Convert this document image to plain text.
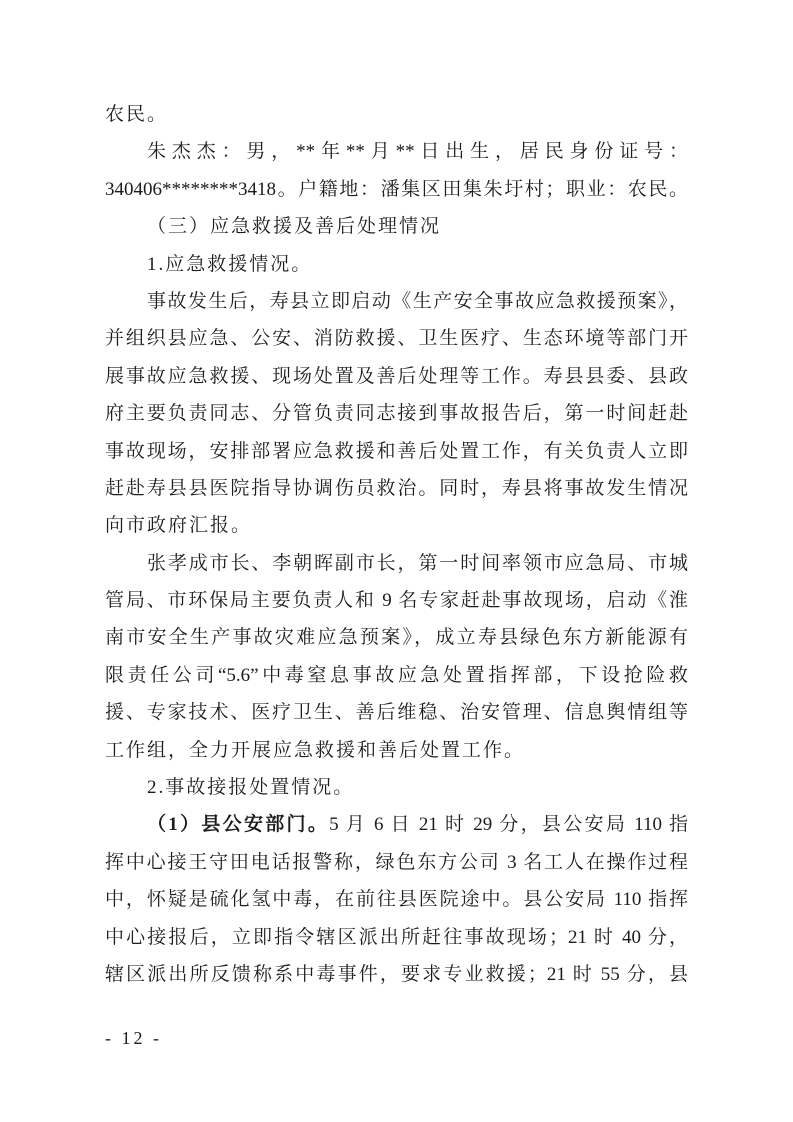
农民。
朱杰杰：男，**年**月**日出生，居民身份证号：
340406********3418。户籍地：潘集区田集朱圩村；职业：农民。
（三）应急救援及善后处理情况
1.应急救援情况。
事故发生后，寿县立即启动《生产安全事故应急救援预案》，
并组织县应急、公安、消防救援、卫生医疗、生态环境等部门开
展事故应急救援、现场处置及善后处理等工作。寿县县委、县政
府主要负责同志、分管负责同志接到事故报告后，第一时间赶赴
事故现场，安排部署应急救援和善后处置工作，有关负责人立即
赶赴寿县县医院指导协调伤员救治。同时，寿县将事故发生情况
向市政府汇报。
张孝成市长、李朝晖副市长，第一时间率领市应急局、市城
管局、市环保局主要负责人和 9 名专家赶赴事故现场，启动《淮
南市安全生产事故灾难应急预案》，成立寿县绿色东方新能源有
限责任公司“5.6”中毒窒息事故应急处置指挥部，下设抢险救
援、专家技术、医疗卫生、善后维稳、治安管理、信息舆情组等
工作组，全力开展应急救援和善后处置工作。
2.事故接报处置情况。
（1）县公安部门。5 月 6 日 21 时 29 分，县公安局 110 指
挥中心接王守田电话报警称，绿色东方公司 3 名工人在操作过程
中，怀疑是硫化氢中毒，在前往县医院途中。县公安局 110 指挥
中心接报后，立即指令辖区派出所赶往事故现场；21 时 40 分，
辖区派出所反馈称系中毒事件，要求专业救援；21 时 55 分，县
- 12 -
